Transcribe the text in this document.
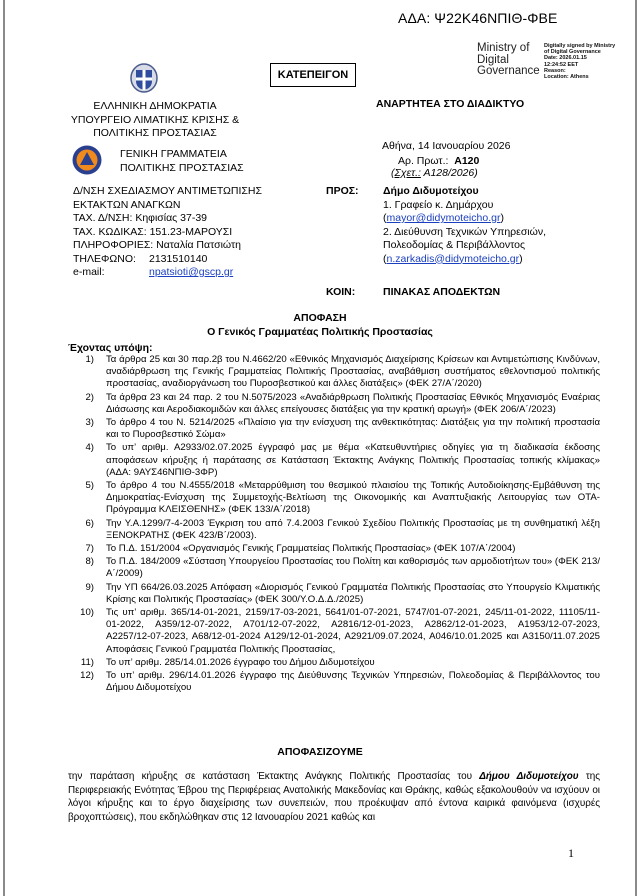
ΑΔΑ: Ψ22Κ46ΝΠΙΘ-ΦΒΕ
Ministry of
Digital
Governance
Digitally signed by Ministry
of Digital Governance
Date: 2026.01.15
12:24:52 EET
Reason:
Location: Athens
ΚΑΤΕΠΕΙΓΟΝ
ΕΛΛΗΝΙΚΗ ΔΗΜΟΚΡΑΤΙΑ
ΥΠΟΥΡΓΕΙΟ ΛΙΜΑΤΙΚΗΣ ΚΡΙΣΗΣ &
ΠΟΛΙΤΙΚΗΣ ΠΡΟΣΤΑΣΙΑΣ
ΓΕΝΙΚΗ ΓΡΑΜΜΑΤΕΙΑ
ΠΟΛΙΤΙΚΗΣ ΠΡΟΣΤΑΣΙΑΣ
Δ/ΝΣΗ ΣΧΕΔΙΑΣΜΟΥ ΑΝΤΙΜΕΤΩΠΙΣΗΣ
ΕΚΤΑΚΤΩΝ ΑΝΑΓΚΩΝ
ΤΑΧ. Δ/ΝΣΗ: Κηφισίας 37-39
ΤΑΧ. ΚΩΔΙΚΑΣ: 151.23-ΜΑΡΟΥΣΙ
ΠΛΗΡΟΦΟΡΙΕΣ: Ναταλία Πατσιώτη
ΤΗΛΕΦΩΝΟ: 2131510140
e-mail:	npatsioti@gscp.gr
ΑΝΑΡΤΗΤΕΑ ΣΤΟ ΔΙΑΔΙΚΤΥΟ
Αθήνα, 14 Ιανουαρίου 2026
Αρ. Πρωτ.: Α120
(Σχετ.: Α128/2026)
ΠΡΟΣ: Δήμο Διδυμοτείχου
1. Γραφείο κ. Δημάρχου
(mayor@didymoteicho.gr)
2. Διεύθυνση Τεχνικών Υπηρεσιών,
Πολεοδομίας & Περιβάλλοντος
(n.zarkadis@didymoteicho.gr)
ΚΟΙΝ:	ΠΙΝΑΚΑΣ ΑΠΟΔΕΚΤΩΝ
ΑΠΟΦΑΣΗ
Ο Γενικός Γραμματέας Πολιτικής Προστασίας
Έχοντας υπόψη:
1) Τα άρθρα 25 και 30 παρ.2β του Ν.4662/20 «Εθνικός Μηχανισμός Διαχείρισης Κρίσεων και Αντιμετώπισης Κινδύνων, αναδιάρθρωση της Γενικής Γραμματείας Πολιτικής Προστασίας, αναβάθμιση συστήματος εθελοντισμού πολιτικής προστασίας, αναδιοργάνωση του Πυροσβεστικού και άλλες διατάξεις» (ΦΕΚ 27/Α΄/2020)
2) Τα άρθρα 23 και 24 παρ. 2 του Ν.5075/2023 «Αναδιάρθρωση Πολιτικής Προστασίας Εθνικός Μηχανισμός Εναέριας Διάσωσης και Αεροδιακομιδών και άλλες επείγουσες διατάξεις για την κρατική αρωγή» (ΦΕΚ 206/Α΄/2023)
3) Το άρθρο 4 του Ν. 5214/2025 «Πλαίσιο για την ενίσχυση της ανθεκτικότητας: Διατάξεις για την πολιτική προστασία και το Πυροσβεστικό Σώμα»
4) Το υπ’ αριθμ. Α2933/02.07.2025 έγγραφό μας με θέμα «Κατευθυντήριες οδηγίες για τη διαδικασία έκδοσης αποφάσεων κήρυξης ή παράτασης σε Κατάσταση Έκτακτης Ανάγκης Πολιτικής Προστασίας τοπικής κλίμακας» (ΑΔΑ: 9ΑΥΣ46ΝΠΙΘ-3ΦΡ)
5) Το άρθρο 4 του Ν.4555/2018 «Μεταρρύθμιση του θεσμικού πλαισίου της Τοπικής Αυτοδιοίκησης-Εμβάθυνση της Δημοκρατίας-Ενίσχυση της Συμμετοχής-Βελτίωση της Οικονομικής και Αναπτυξιακής Λειτουργίας των ΟΤΑ-Πρόγραμμα ΚΛΕΙΣΘΕΝΗΣ» (ΦΕΚ 133/Α΄/2018)
6) Την Υ.Α.1299/7-4-2003 Έγκριση του από 7.4.2003 Γενικού Σχεδίου Πολιτικής Προστασίας με τη συνθηματική λέξη ΞΕΝΟΚΡΑΤΗΣ (ΦΕΚ 423/Β΄/2003).
7) Το Π.Δ. 151/2004 «Οργανισμός Γενικής Γραμματείας Πολιτικής Προστασίας» (ΦΕΚ 107/Α΄/2004)
8) Το Π.Δ. 184/2009 «Σύσταση Υπουργείου Προστασίας του Πολίτη και καθορισμός των αρμοδιοτήτων του» (ΦΕΚ 213/Α΄/2009)
9) Την ΥΠ 664/26.03.2025 Απόφαση «Διορισμός Γενικού Γραμματέα Πολιτικής Προστασίας στο Υπουργείο Κλιματικής Κρίσης και Πολιτικής Προστασίας» (ΦΕΚ 300/Υ.Ο.Δ.Δ./2025)
10) Τις υπ’ αριθμ. 365/14-01-2021, 2159/17-03-2021, 5641/01-07-2021, 5747/01-07-2021, 245/11-01-2022, 11105/11-01-2022, Α359/12-07-2022, Α701/12-07-2022, Α2816/12-01-2023, Α2862/12-01-2023, Α1953/12-07-2023, Α2257/12-07-2023, Α68/12-01-2024 Α129/12-01-2024, Α2921/09.07.2024, Α046/10.01.2025 και Α3150/11.07.2025 Αποφάσεις Γενικού Γραμματέα Πολιτικής Προστασίας,
11) Το υπ’ αριθμ. 285/14.01.2026 έγγραφο του Δήμου Διδυμοτείχου
12) Το υπ’ αριθμ. 296/14.01.2026 έγγραφο της Διεύθυνσης Τεχνικών Υπηρεσιών, Πολεοδομίας & Περιβάλλοντος του Δήμου Διδυμοτείχου
ΑΠΟΦΑΣΙΖΟΥΜΕ
την παράταση κήρυξης σε κατάσταση Έκτακτης Ανάγκης Πολιτικής Προστασίας του Δήμου Διδυμοτείχου της Περιφερειακής Ενότητας Έβρου της Περιφέρειας Ανατολικής Μακεδονίας και Θράκης, καθώς εξακολουθούν να ισχύουν οι λόγοι κήρυξης και το έργο διαχείρισης των συνεπειών, που προέκυψαν από έντονα καιρικά φαινόμενα (ισχυρές βροχοπτώσεις), που εκδηλώθηκαν στις 12 Ιανουαρίου 2021 καθώς και
1
